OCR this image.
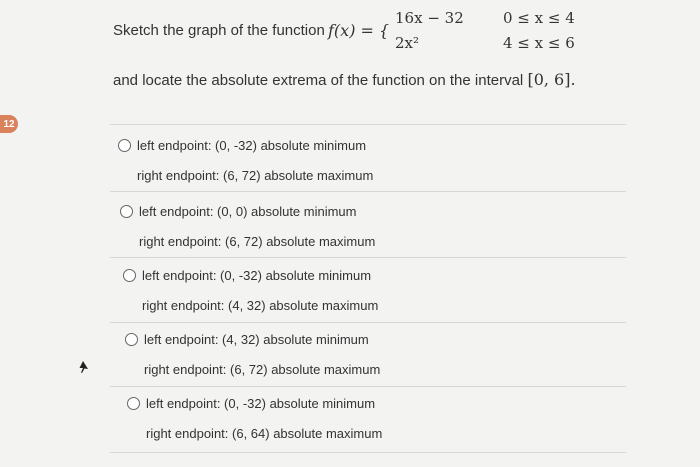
12
Sketch the graph of the function f(x) = {
16x − 32	0 ≤ x ≤ 4
2x²	4 ≤ x ≤ 6
and locate the absolute extrema of the function on the interval [0, 6].
left endpoint: (0, -32) absolute minimum
right endpoint: (6, 72) absolute maximum
left endpoint: (0, 0) absolute minimum
right endpoint: (6, 72) absolute maximum
left endpoint: (0, -32) absolute minimum
right endpoint: (4, 32) absolute maximum
left endpoint: (4, 32) absolute minimum
right endpoint: (6, 72) absolute maximum
left endpoint: (0, -32) absolute minimum
right endpoint: (6, 64) absolute maximum
